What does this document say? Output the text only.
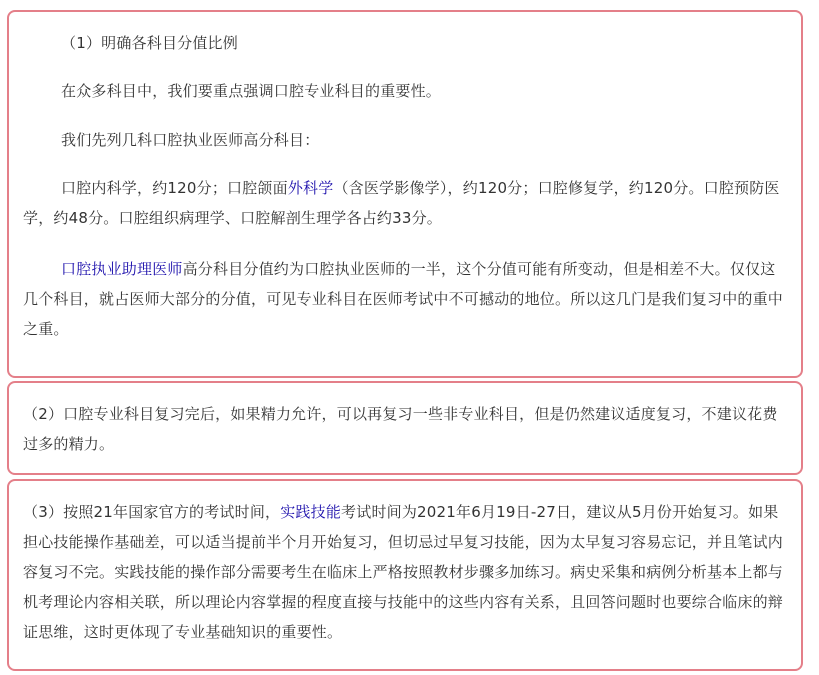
（1）明确各科目分值比例

在众多科目中，我们要重点强调口腔专业科目的重要性。

我们先列几科口腔执业医师高分科目：

口腔内科学，约120分；口腔颌面外科学（含医学影像学），约120分；口腔修复学，约120分。口腔预防医学，约48分。口腔组织病理学、口腔解剖生理学各占约33分。

口腔执业助理医师高分科目分值约为口腔执业医师的一半，这个分值可能有所变动，但是相差不大。仅仅这几个科目，就占医师大部分的分值，可见专业科目在医师考试中不可撼动的地位。所以这几门是我们复习中的重中之重。

（2）口腔专业科目复习完后，如果精力允许，可以再复习一些非专业科目，但是仍然建议适度复习，不建议花费过多的精力。

（3）按照21年国家官方的考试时间，实践技能考试时间为2021年6月19日-27日，建议从5月份开始复习。如果担心技能操作基础差，可以适当提前半个月开始复习，但切忌过早复习技能，因为太早复习容易忘记，并且笔试内容复习不完。实践技能的操作部分需要考生在临床上严格按照教材步骤多加练习。病史采集和病例分析基本上都与机考理论内容相关联，所以理论内容掌握的程度直接与技能中的这些内容有关系，且回答问题时也要综合临床的辩证思维，这时更体现了专业基础知识的重要性。
